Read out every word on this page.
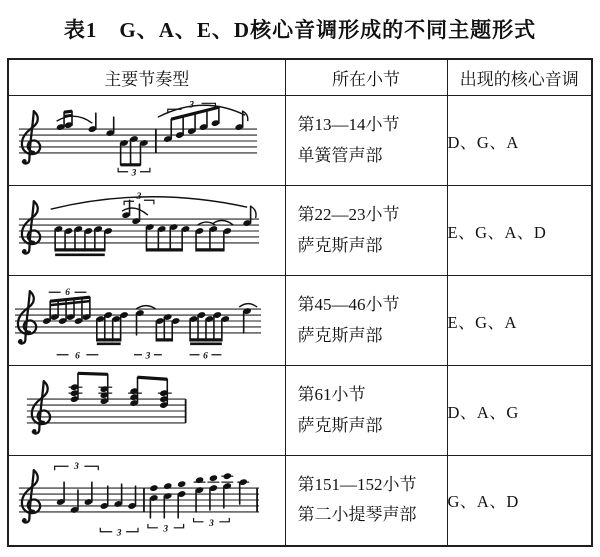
表1　G、A、E、D核心音调形成的不同主题形式
主要节奏型	所在小节	出现的核心音调

3
3	第13—14小节
单簧管声部	D、G、A

3	第22—23小节
萨克斯声部	E、G、A、D

6
6 3 6	第45—46小节
萨克斯声部	E、G、A

第61小节
萨克斯声部	D、A、G

3
3 3
3	第151—152小节
第二小提琴声部	G、A、D
